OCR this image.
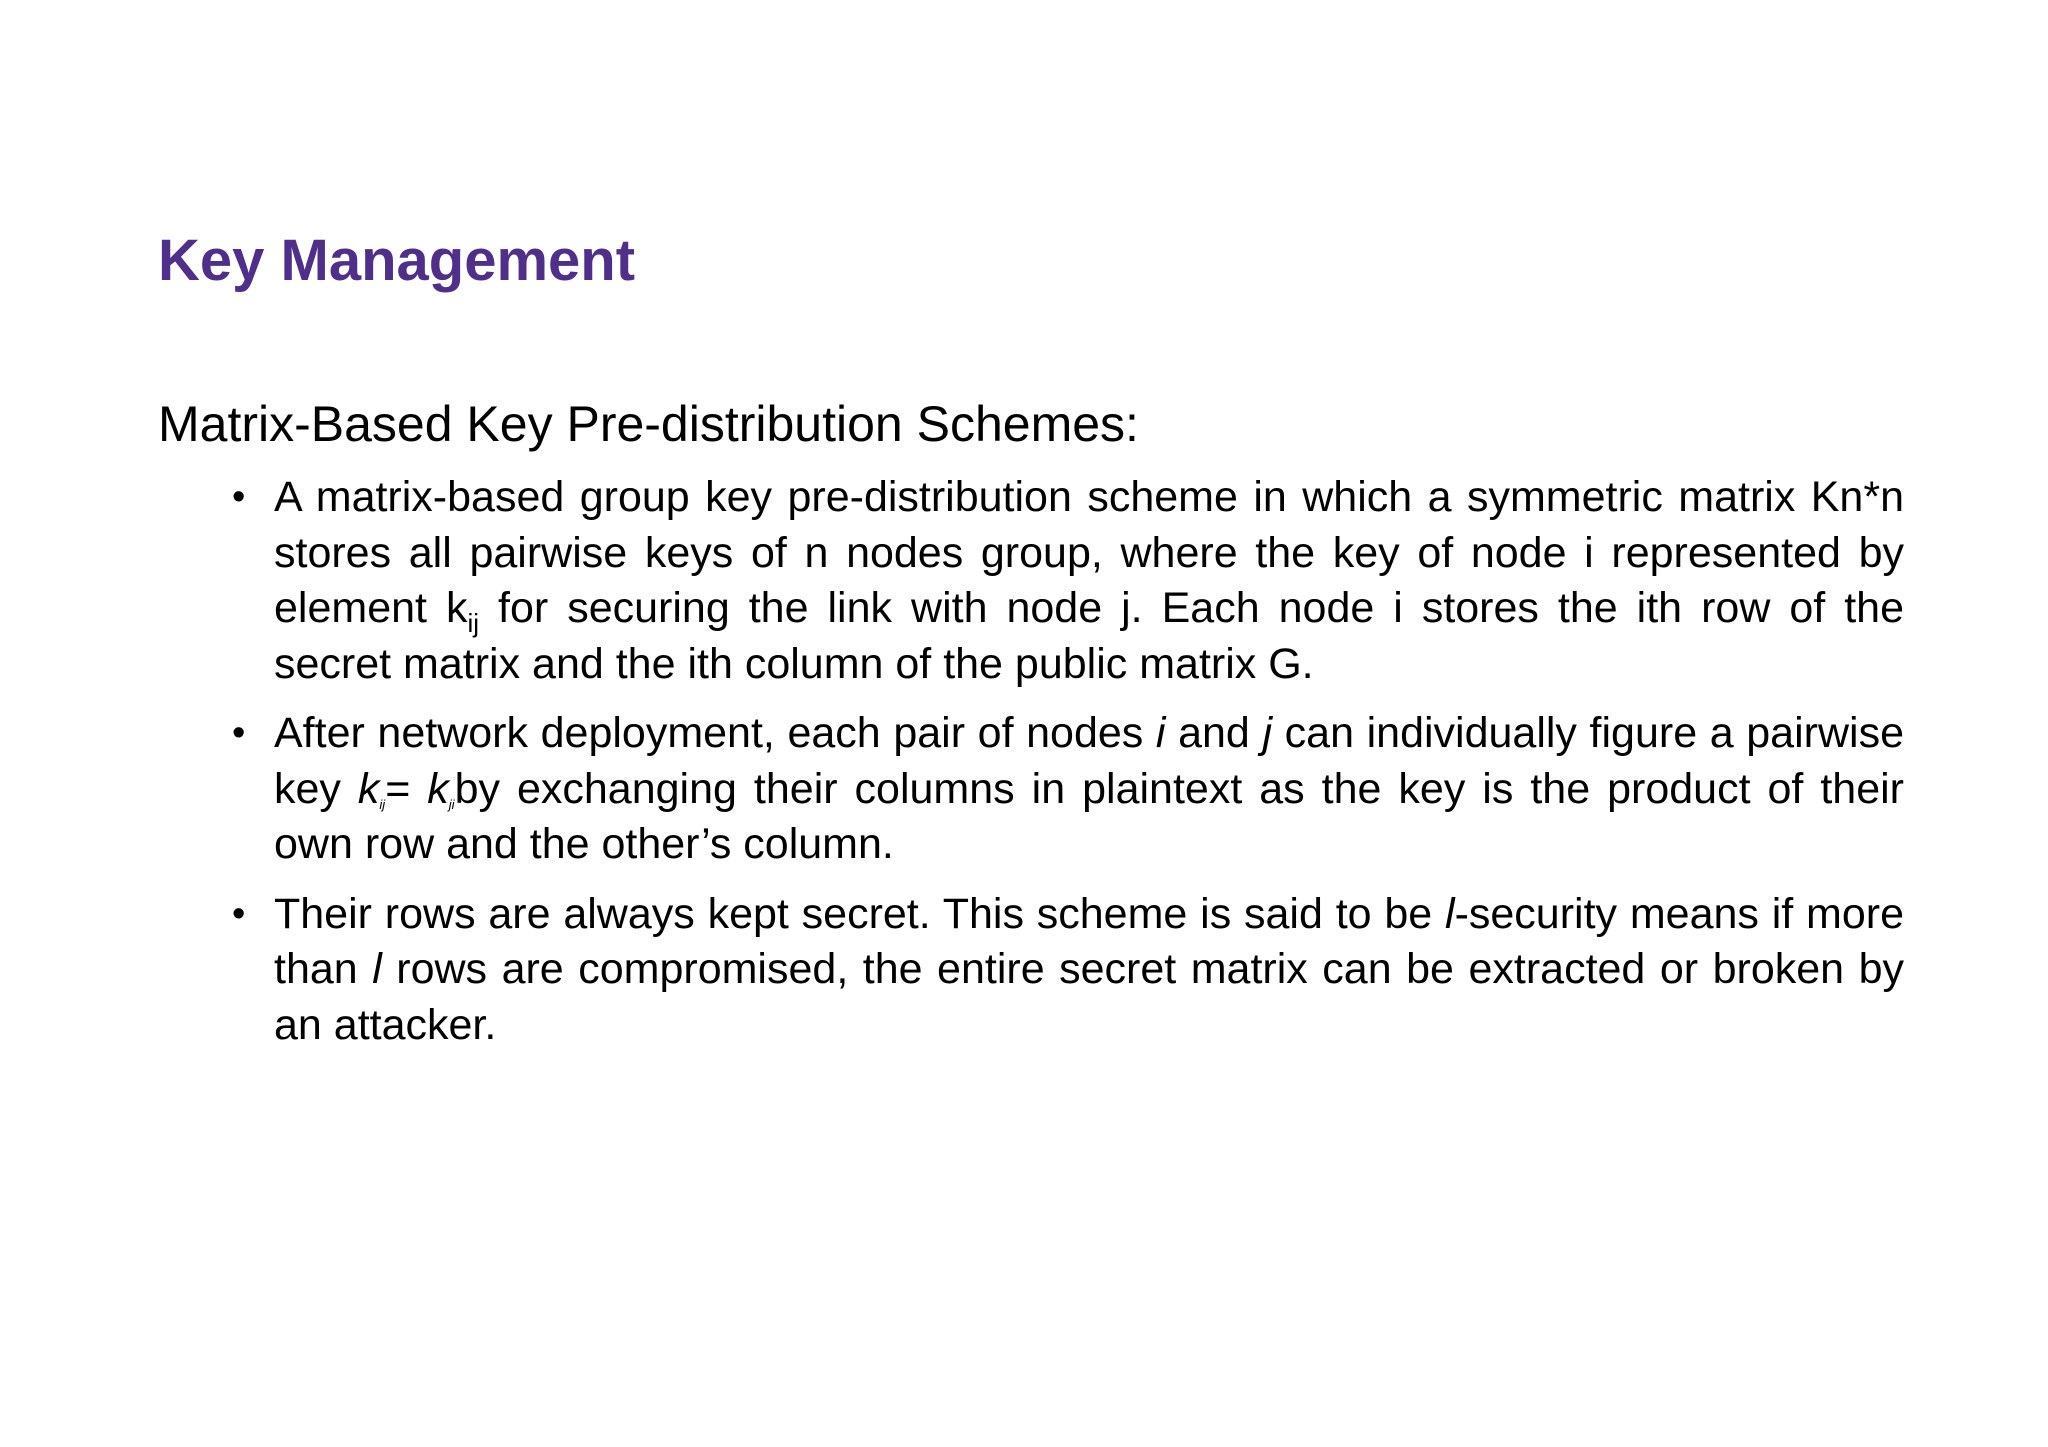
Key Management
Matrix-Based Key Pre-distribution Schemes:
• A matrix-based group key pre-distribution scheme in which a symmetric matrix Kn*n stores all pairwise keys of n nodes group, where the key of node i represented by element $k_{ij}$ for securing the link with node j. Each node i stores the ith row of the secret matrix and the ith column of the public matrix G.
• After network deployment, each pair of nodes i and j can individually figure a pairwise key kij= kjiby exchanging their columns in plaintext as the key is the product of their own row and the other’s column.
• Their rows are always kept secret. This scheme is said to be l-security means if more than l rows are compromised, the entire secret matrix can be extracted or broken by an attacker.
